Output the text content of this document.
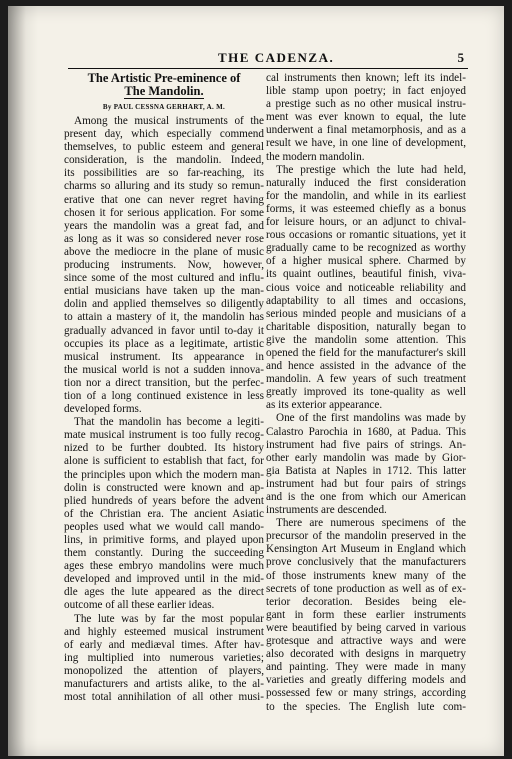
THE CADENZA.	5
The Artistic Pre-eminence of
The Mandolin.
By PAUL CESSNA GERHART, A. M.
Among the musical instruments of the
present day, which especially commend
themselves, to public esteem and general
consideration, is the mandolin. Indeed,
its possibilities are so far-reaching, its
charms so alluring and its study so remun-
erative that one can never regret having
chosen it for serious application. For some
years the mandolin was a great fad, and
as long as it was so considered never rose
above the mediocre in the plane of music
producing instruments. Now, however,
since some of the most cultured and influ-
ential musicians have taken up the man-
dolin and applied themselves so diligently
to attain a mastery of it, the mandolin has
gradually advanced in favor until to-day it
occupies its place as a legitimate, artistic
musical instrument. Its appearance in
the musical world is not a sudden innova-
tion nor a direct transition, but the perfec-
tion of a long continued existence in less
developed forms.
That the mandolin has become a legiti-
mate musical instrument is too fully recog-
nized to be further doubted. Its history
alone is sufficient to establish that fact, for
the principles upon which the modern man-
dolin is constructed were known and ap-
plied hundreds of years before the advent
of the Christian era. The ancient Asiatic
peoples used what we would call mando-
lins, in primitive forms, and played upon
them constantly. During the succeeding
ages these embryo mandolins were much
developed and improved until in the mid-
dle ages the lute appeared as the direct
outcome of all these earlier ideas.
The lute was by far the most popular
and highly esteemed musical instrument
of early and mediæval times. After hav-
ing multiplied into numerous varieties;
monopolized the attention of players,
manufacturers and artists alike, to the al-
most total annihilation of all other musi-
cal instruments then known; left its indel-
lible stamp upon poetry; in fact enjoyed
a prestige such as no other musical instru-
ment was ever known to equal, the lute
underwent a final metamorphosis, and as a
result we have, in one line of development,
the modern mandolin.
The prestige which the lute had held,
naturally induced the first consideration
for the mandolin, and while in its earliest
forms, it was esteemed chiefly as a bonus
for leisure hours, or an adjunct to chival-
rous occasions or romantic situations, yet it
gradually came to be recognized as worthy
of a higher musical sphere. Charmed by
its quaint outlines, beautiful finish, viva-
cious voice and noticeable reliability and
adaptability to all times and occasions,
serious minded people and musicians of a
charitable disposition, naturally began to
give the mandolin some attention. This
opened the field for the manufacturer's skill
and hence assisted in the advance of the
mandolin. A few years of such treatment
greatly improved its tone-quality as well
as its exterior appearance.
One of the first mandolins was made by
Calastro Parochia in 1680, at Padua. This
instrument had five pairs of strings. An-
other early mandolin was made by Gior-
gia Batista at Naples in 1712. This latter
instrument had but four pairs of strings
and is the one from which our American
instruments are descended.
There are numerous specimens of the
precursor of the mandolin preserved in the
Kensington Art Museum in England which
prove conclusively that the manufacturers
of those instruments knew many of the
secrets of tone production as well as of ex-
terior decoration. Besides being ele-
gant in form these earlier instruments
were beautified by being carved in various
grotesque and attractive ways and were
also decorated with designs in marquetry
and painting. They were made in many
varieties and greatly differing models and
possessed few or many strings, according
to the species. The English lute com-
